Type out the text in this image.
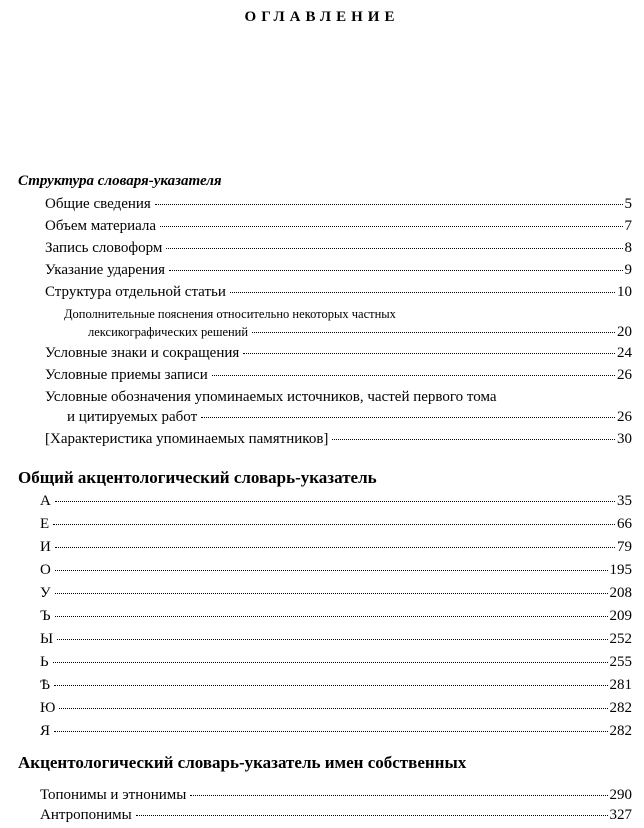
ОГЛАВЛЕНИЕ
Структура словаря-указателя
Общие сведения	5
Объем материала	7
Запись словоформ	8
Указание ударения	9
Структура отдельной статьи	10
Дополнительные пояснения относительно некоторых частных
лексикографических решений	20
Условные знаки и сокращения	24
Условные приемы записи	26
Условные обозначения упоминаемых источников, частей первого тома
и цитируемых работ	26
[Характеристика упоминаемых памятников]	30
Общий акцентологический словарь-указатель
А	35
Е	66
И	79
О	195
У	208
Ъ	209
Ы	252
Ь	255
Ѣ	281
Ю	282
Я	282
Акцентологический словарь-указатель имен собственных
Топонимы и этнонимы	290
Антропонимы	327
